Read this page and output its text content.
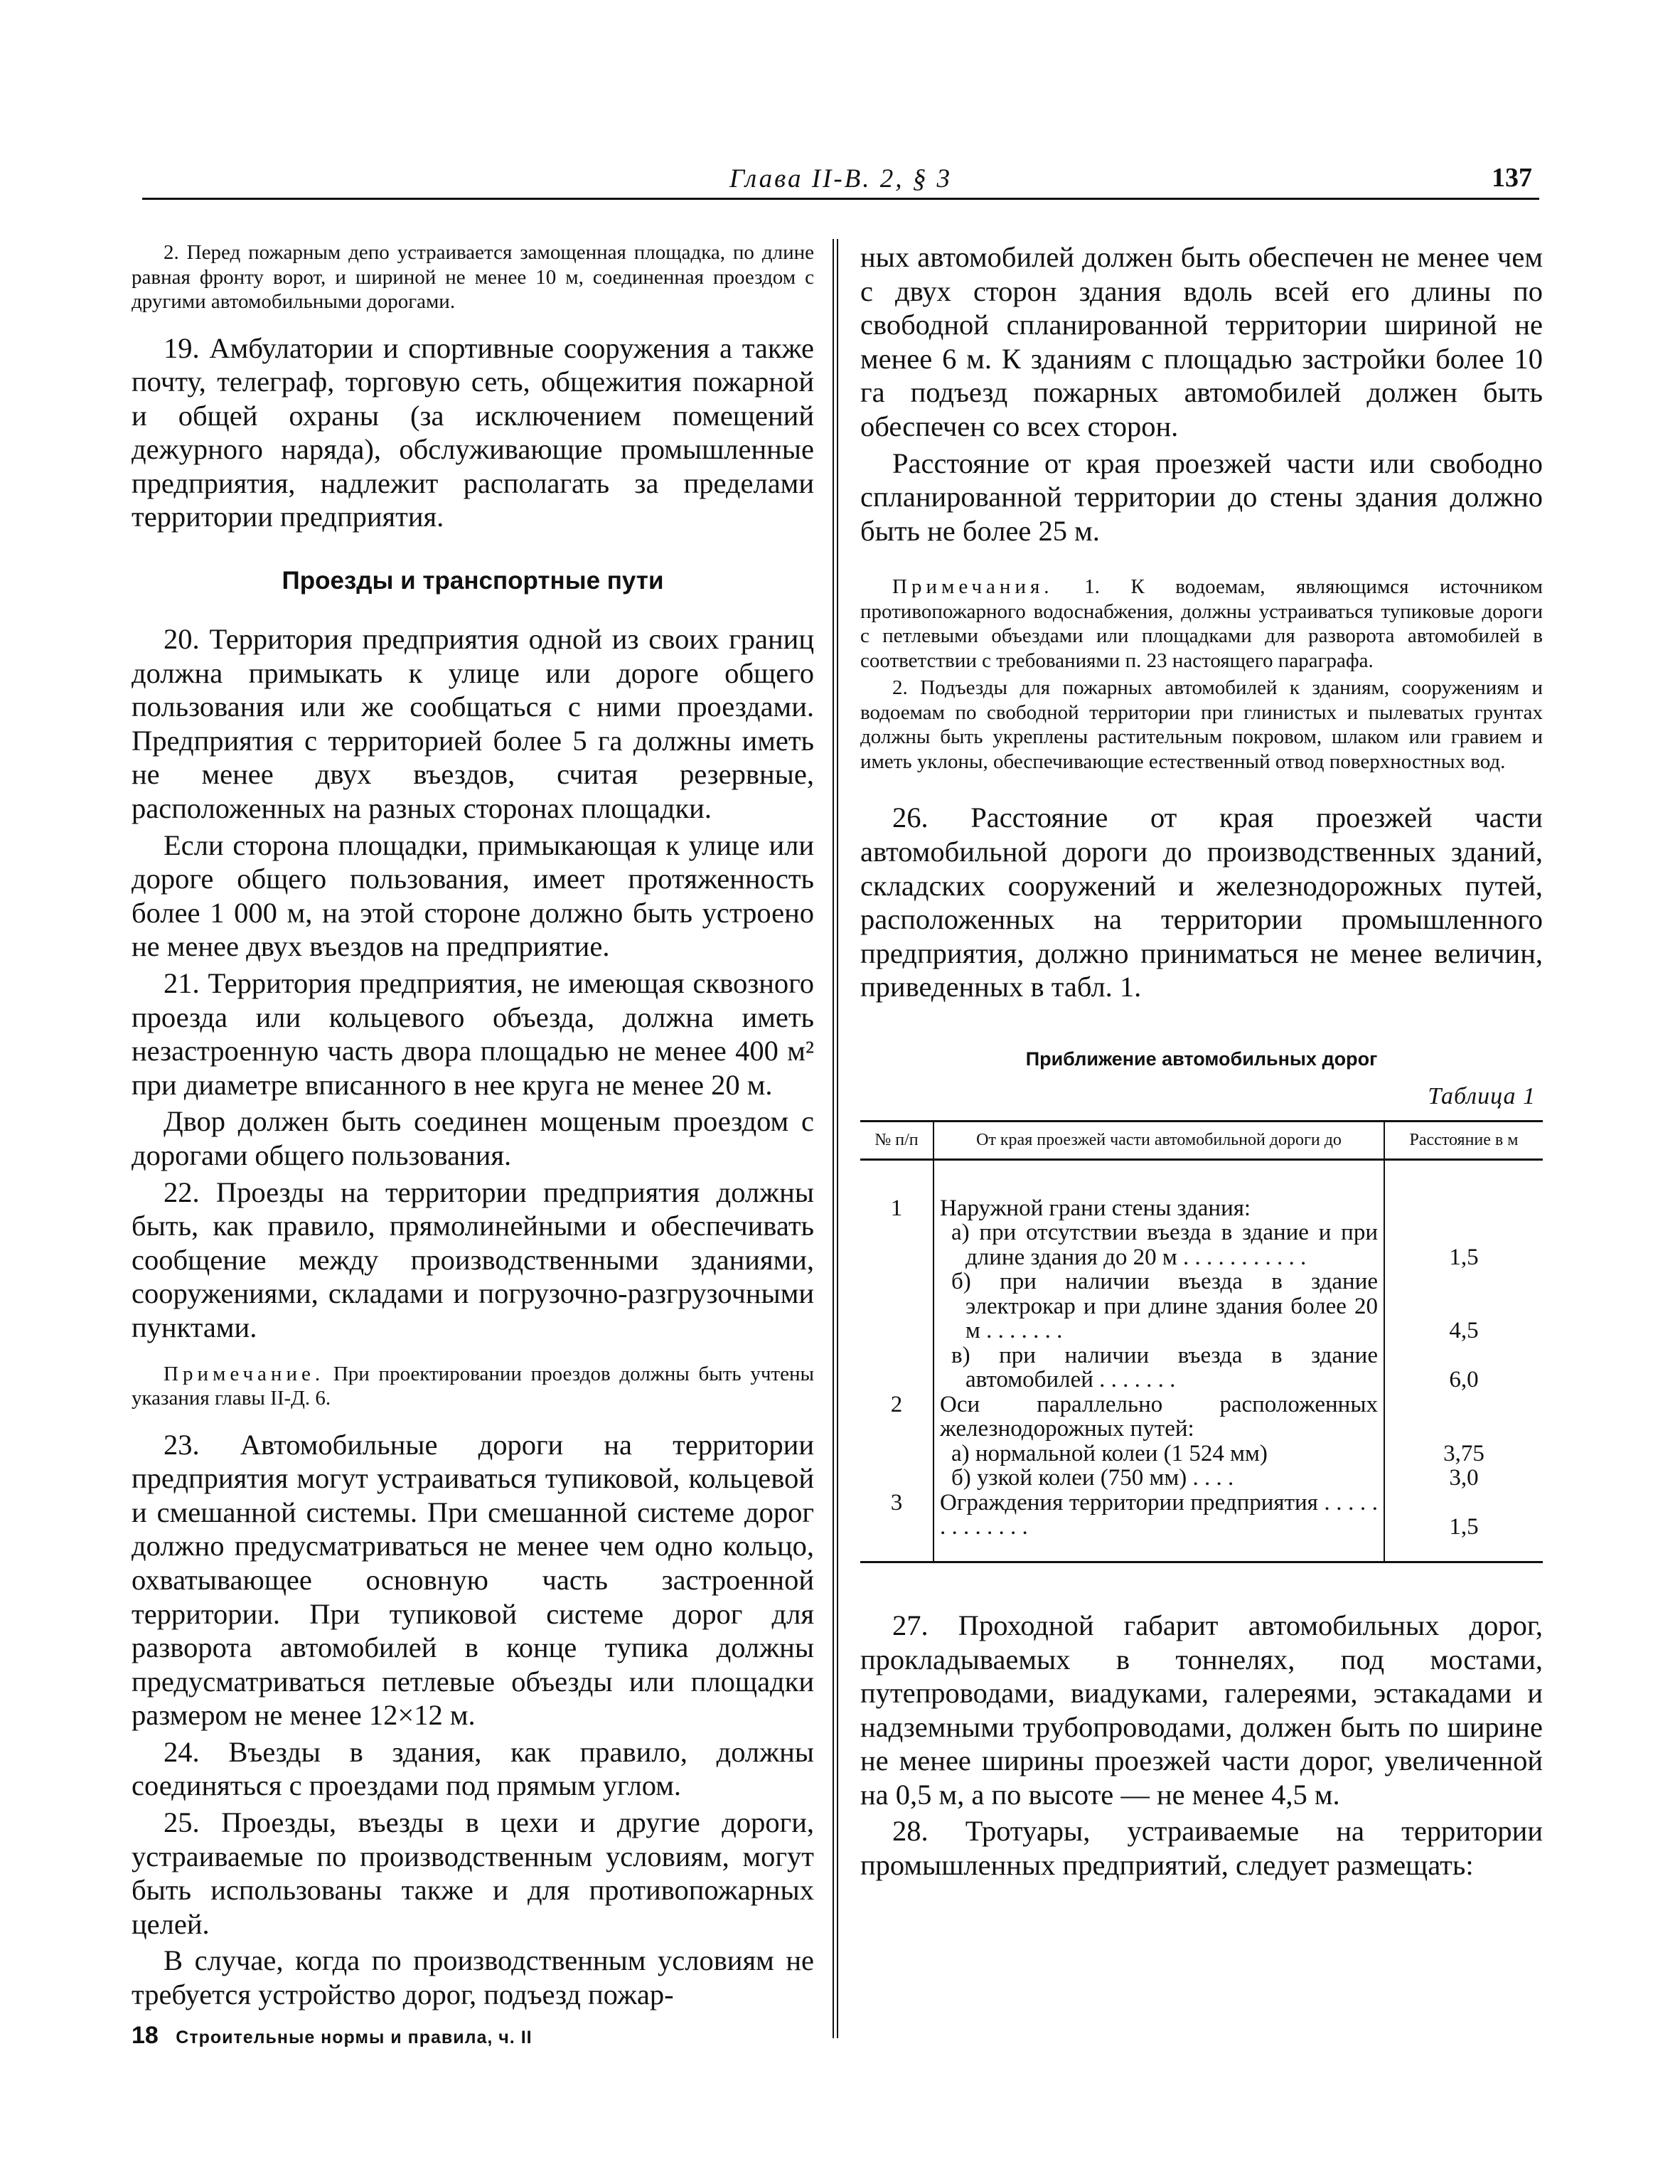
Глава II-В. 2, § 3	137

2. Перед пожарным депо устраивается замощенная площадка, по длине равная фронту ворот, и шириной не менее 10 м, соединенная проездом с другими автомобильными дорогами.

19. Амбулатории и спортивные сооружения а также почту, телеграф, торговую сеть, общежития пожарной и общей охраны (за исключением помещений дежурного наряда), обслуживающие промышленные предприятия, надлежит располагать за пределами территории предприятия.

Проезды и транспортные пути

20. Территория предприятия одной из своих границ должна примыкать к улице или дороге общего пользования или же сообщаться с ними проездами. Предприятия с территорией более 5 га должны иметь не менее двух въездов, считая резервные, расположенных на разных сторонах площадки.

Если сторона площадки, примыкающая к улице или дороге общего пользования, имеет протяженность более 1 000 м, на этой стороне должно быть устроено не менее двух въездов на предприятие.

21. Территория предприятия, не имеющая сквозного проезда или кольцевого объезда, должна иметь незастроенную часть двора площадью не менее 400 м² при диаметре вписанного в нее круга не менее 20 м.

Двор должен быть соединен мощеным проездом с дорогами общего пользования.

22. Проезды на территории предприятия должны быть, как правило, прямолинейными и обеспечивать сообщение между производственными зданиями, сооружениями, складами и погрузочно-разгрузочными пунктами.

Примечание. При проектировании проездов должны быть учтены указания главы II-Д. 6.

23. Автомобильные дороги на территории предприятия могут устраиваться тупиковой, кольцевой и смешанной системы. При смешанной системе дорог должно предусматриваться не менее чем одно кольцо, охватывающее основную часть застроенной территории. При тупиковой системе дорог для разворота автомобилей в конце тупика должны предусматриваться петлевые объезды или площадки размером не менее 12×12 м.

24. Въезды в здания, как правило, должны соединяться с проездами под прямым углом.

25. Проезды, въезды в цехи и другие дороги, устраиваемые по производственным условиям, могут быть использованы также и для противопожарных целей.

В случае, когда по производственным условиям не требуется устройство дорог, подъезд пожар-

ных автомобилей должен быть обеспечен не менее чем с двух сторон здания вдоль всей его длины по свободной спланированной территории шириной не менее 6 м. К зданиям с площадью застройки более 10 га подъезд пожарных автомобилей должен быть обеспечен со всех сторон.

Расстояние от края проезжей части или свободно спланированной территории до стены здания должно быть не более 25 м.

Примечания. 1. К водоемам, являющимся источником противопожарного водоснабжения, должны устраиваться тупиковые дороги с петлевыми объездами или площадками для разворота автомобилей в соответствии с требованиями п. 23 настоящего параграфа.

2. Подъезды для пожарных автомобилей к зданиям, сооружениям и водоемам по свободной территории при глинистых и пылеватых грунтах должны быть укреплены растительным покровом, шлаком или гравием и иметь уклоны, обеспечивающие естественный отвод поверхностных вод.

26. Расстояние от края проезжей части автомобильной дороги до производственных зданий, складских сооружений и железнодорожных путей, расположенных на территории промышленного предприятия, должно приниматься не менее величин, приведенных в табл. 1.

Приближение автомобильных дорог
Таблица 1
№ п/п	От края проезжей части автомобильной дороги до	Расстояние в м

1	Наружной грани стены здания:	

	а) при отсутствии въезда в здание и при длине здания до 20 м . . . . . . . . . . .	1,5

	б) при наличии въезда в здание электрокар и при длине здания более 20 м . . . . . . .	4,5

	в) при наличии въезда в здание автомобилей . . . . . . .	6,0
2	Оси параллельно расположенных железнодорожных путей:	

	а) нормальной колеи (1 524 мм)	3,75

	б) узкой колеи (750 мм) . . . .	3,0
3	Ограждения территории предприятия . . . . . . . . . . . . .	1,5

27. Проходной габарит автомобильных дорог, прокладываемых в тоннелях, под мостами, путепроводами, виадуками, галереями, эстакадами и надземными трубопроводами, должен быть по ширине не менее ширины проезжей части дорог, увеличенной на 0,5 м, а по высоте — не менее 4,5 м.

28. Тротуары, устраиваемые на территории промышленных предприятий, следует размещать:

18 Строительные нормы и правила, ч. II
